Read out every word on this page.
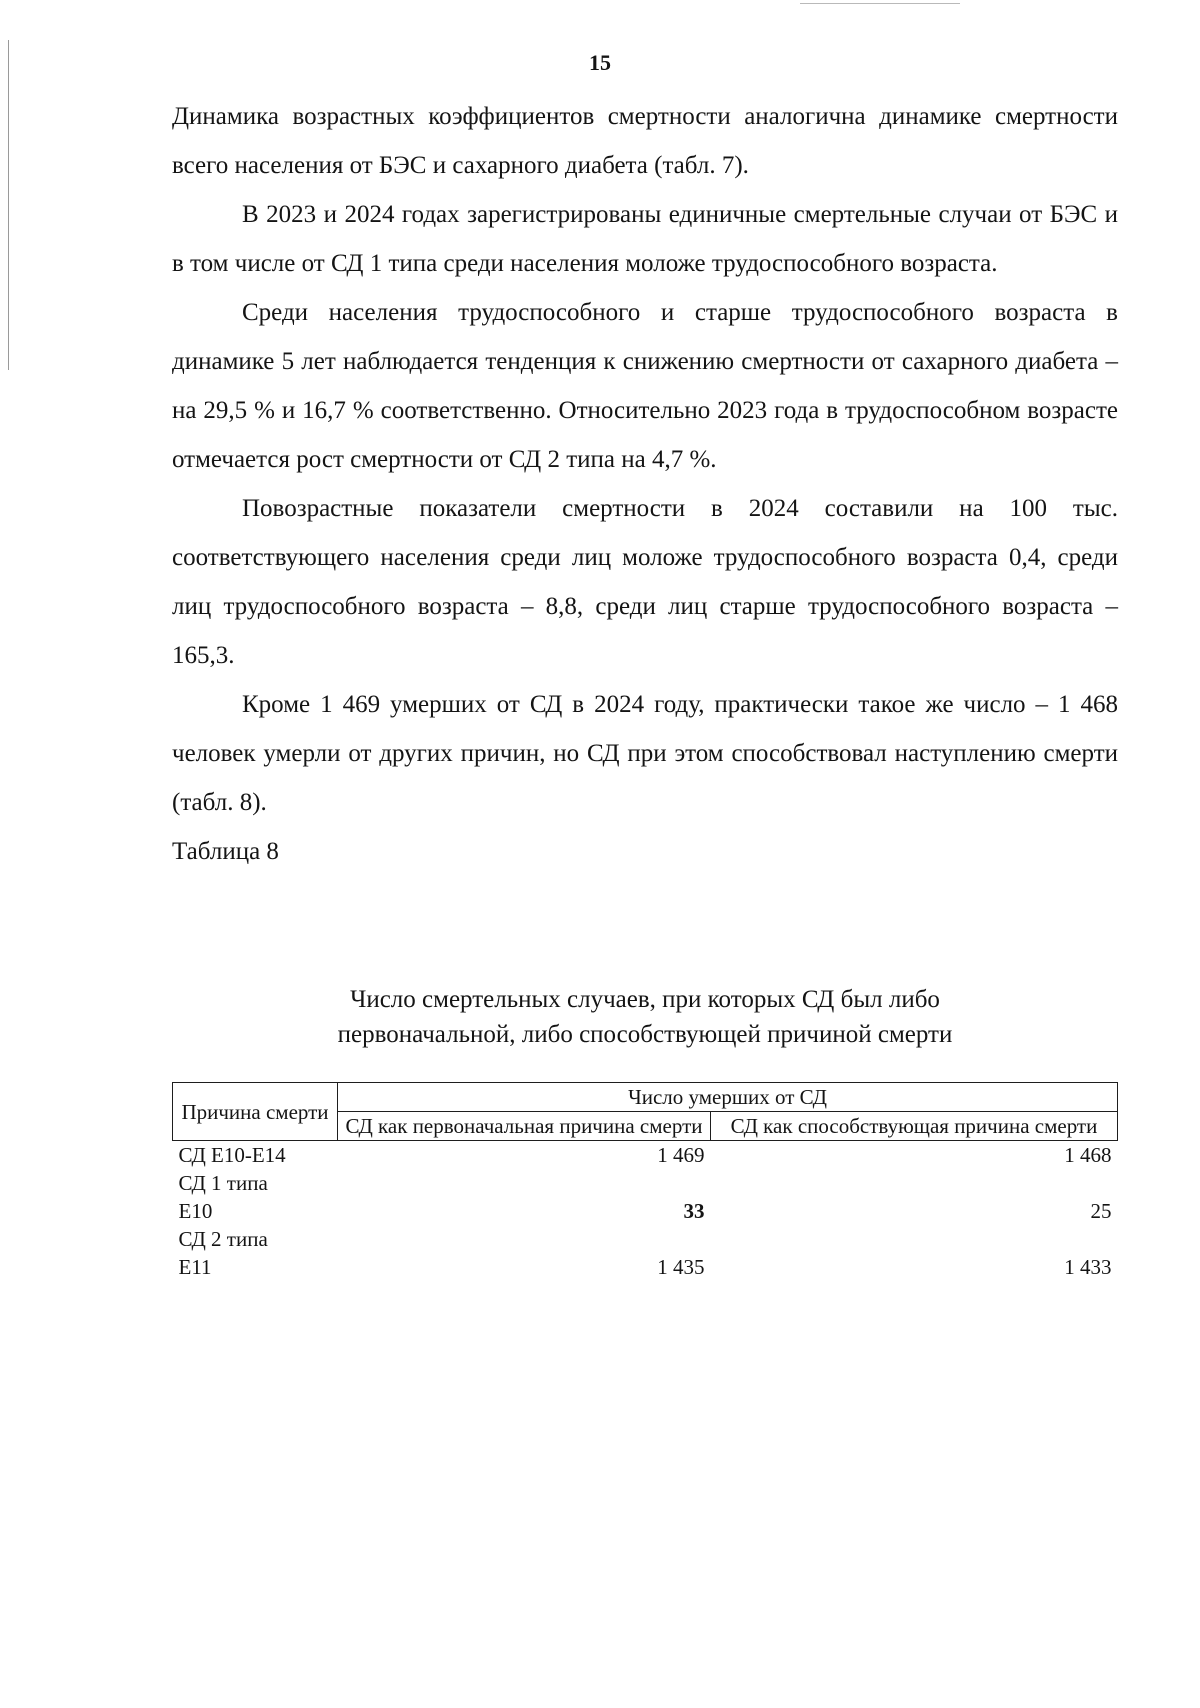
15

Динамика возрастных коэффициентов смертности аналогична динамике смертности всего населения от БЭС и сахарного диабета (табл. 7).

В 2023 и 2024 годах зарегистрированы единичные смертельные случаи от БЭС и в том числе от СД 1 типа среди населения моложе трудоспособного возраста.

Среди населения трудоспособного и старше трудоспособного возраста в динамике 5 лет наблюдается тенденция к снижению смертности от сахарного диабета – на 29,5 % и 16,7 % соответственно. Относительно 2023 года в трудоспособном возрасте отмечается рост смертности от СД 2 типа на 4,7 %.

Повозрастные показатели смертности в 2024 составили на 100 тыс. соответствующего населения среди лиц моложе трудоспособного возраста 0,4, среди лиц трудоспособного возраста – 8,8, среди лиц старше трудоспособного возраста – 165,3.

Кроме 1 469 умерших от СД в 2024 году, практически такое же число – 1 468 человек умерли от других причин, но СД при этом способствовал наступлению смерти (табл. 8).

Таблица 8

Число смертельных случаев, при которых СД был либо
первоначальной, либо способствующей причиной смерти
Причина смерти	Число умерших от СД	
	СД как первоначальная причина смерти	СД как способствующая причина смерти

СД Е10-Е14	1 469	1 468

СД 1 типа
Е10	33	25

СД 2 типа
Е11	1 435	1 433
